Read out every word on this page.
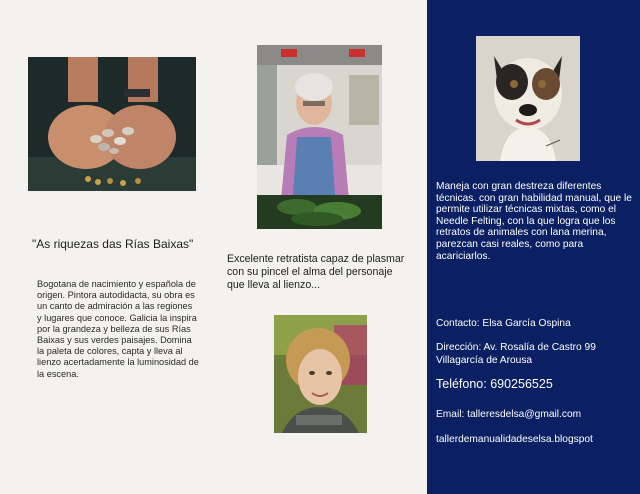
"As riquezas das Rías Baixas"
Bogotana de nacimiento y española de origen. Pintora autodidacta, su obra es un canto de admiración a las regiones y lugares que conoce. Galicia la inspira por la grandeza y belleza de sus Rías Baixas y sus verdes paisajes. Domina la paleta de colores, capta y lleva al lienzo acertadamente la luminosidad de la escena.
Excelente retratista capaz de plasmar con su pincel el alma del personaje que lleva al lienzo...
Maneja con gran destreza diferentes técnicas. con gran habilidad manual, que le permite utilizar técnicas mixtas, como el Needle Felting, con la que logra que los retratos de animales con lana merina, parezcan casi reales, como para acariciarlos.
Contacto: Elsa García Ospina
Dirección: Av. Rosalía de Castro 99
Villagarcía de Arousa
Teléfono: 690256525
Email: talleresdelsa@gmail.com
tallerdemanualidadeselsa.blogspot
